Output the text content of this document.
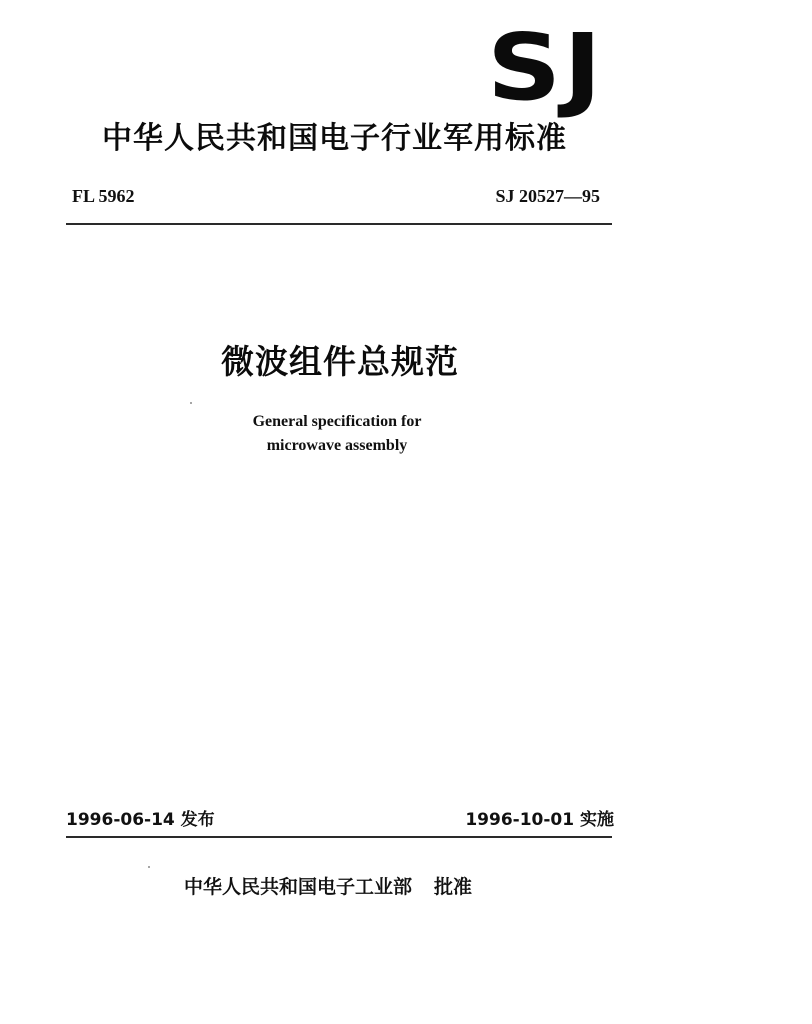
SJ
中华人民共和国电子行业军用标准
FL 5962	SJ 20527—95
微波组件总规范
General specification for
microwave assembly
1996-06-14 发布	1996-10-01 实施
中华人民共和国电子工业部 批准
